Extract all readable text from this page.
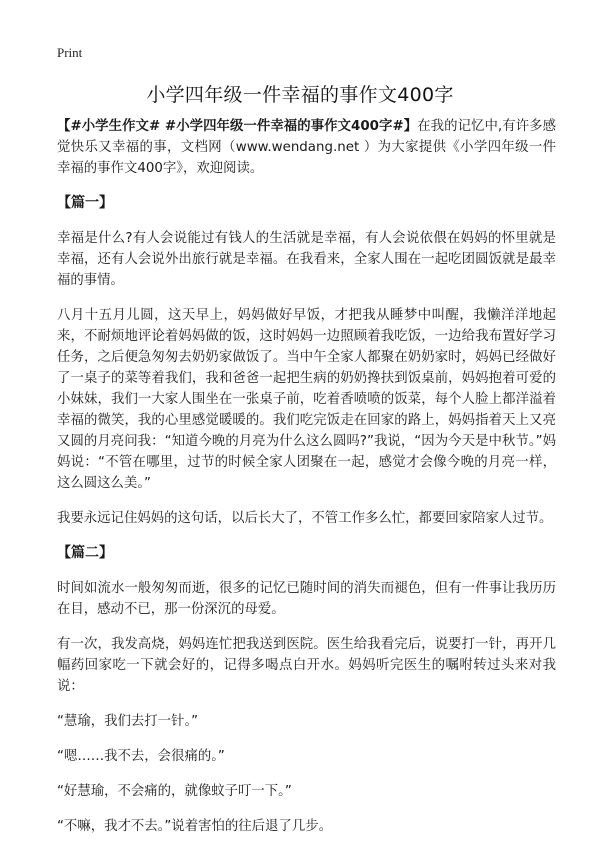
Print
小学四年级一件幸福的事作文400字

【#小学生作文# #小学四年级一件幸福的事作文400字#】在我的记忆中,有许多感觉快乐又幸福的事，文档网（www.wendang.net ）为大家提供《小学四年级一件幸福的事作文400字》，欢迎阅读。

【篇一】

幸福是什么?有人会说能过有钱人的生活就是幸福，有人会说依偎在妈妈的怀里就是幸福，还有人会说外出旅行就是幸福。在我看来，全家人围在一起吃团圆饭就是最幸福的事情。

八月十五月儿圆，这天早上，妈妈做好早饭，才把我从睡梦中叫醒，我懒洋洋地起来，不耐烦地评论着妈妈做的饭，这时妈妈一边照顾着我吃饭，一边给我布置好学习任务，之后便急匆匆去奶奶家做饭了。当中午全家人都聚在奶奶家时，妈妈已经做好了一桌子的菜等着我们，我和爸爸一起把生病的奶奶搀扶到饭桌前，妈妈抱着可爱的小妹妹，我们一大家人围坐在一张桌子前，吃着香喷喷的饭菜，每个人脸上都洋溢着幸福的微笑，我的心里感觉暖暖的。我们吃完饭走在回家的路上，妈妈指着天上又亮又圆的月亮问我：“知道今晚的月亮为什么这么圆吗?”我说，“因为今天是中秋节。”妈妈说：“不管在哪里，过节的时候全家人团聚在一起，感觉才会像今晚的月亮一样，这么圆这么美。”

我要永远记住妈妈的这句话，以后长大了，不管工作多么忙，都要回家陪家人过节。

【篇二】

时间如流水一般匆匆而逝，很多的记忆已随时间的消失而褪色，但有一件事让我历历在目，感动不已，那一份深沉的母爱。

有一次，我发高烧，妈妈连忙把我送到医院。医生给我看完后，说要打一针，再开几幅药回家吃一下就会好的，记得多喝点白开水。妈妈听完医生的嘱咐转过头来对我说：

“慧瑜，我们去打一针。”

“嗯……我不去，会很痛的。”

“好慧瑜，不会痛的，就像蚊子叮一下。”

“不嘛，我才不去。”说着害怕的往后退了几步。
